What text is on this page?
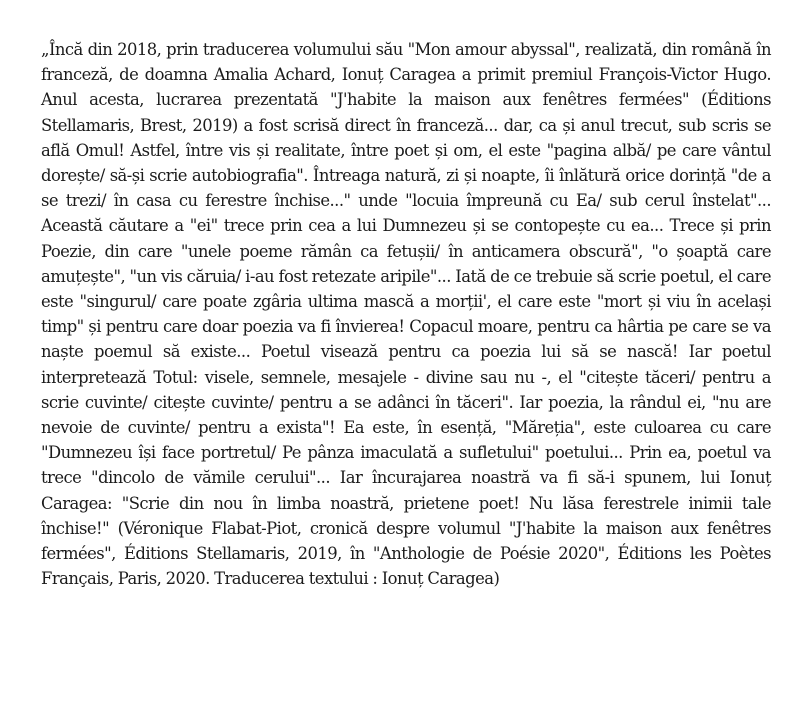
„Încă din 2018, prin traducerea volumului său "Mon amour abyssal", realizată, din română în franceză, de doamna Amalia Achard, Ionuț Caragea a primit premiul François-Victor Hugo. Anul acesta, lucrarea prezentată "J'habite la maison aux fenêtres fermées" (Éditions Stellamaris, Brest, 2019) a fost scrisă direct în franceză... dar, ca și anul trecut, sub scris se află Omul! Astfel, între vis și realitate, între poet și om, el este "pagina albă/ pe care vântul dorește/ să-și scrie autobiografia". Întreaga natură, zi și noapte, îi înlătură orice dorință "de a se trezi/ în casa cu ferestre închise..." unde "locuia împreună cu Ea/ sub cerul înstelat"... Această căutare a "ei" trece prin cea a lui Dumnezeu și se contopește cu ea... Trece și prin Poezie, din care "unele poeme rămân ca fetușii/ în anticamera obscură", "o șoaptă care amuțește", "un vis căruia/ i-au fost retezate aripile"... Iată de ce trebuie să scrie poetul, el care este "singurul/ care poate zgâria ultima mască a morții', el care este "mort și viu în același timp" și pentru care doar poezia va fi învierea! Copacul moare, pentru ca hârtia pe care se va naște poemul să existe... Poetul visează pentru ca poezia lui să se nască! Iar poetul interpretează Totul: visele, semnele, mesajele - divine sau nu -, el "citește tăceri/ pentru a scrie cuvinte/ citește cuvinte/ pentru a se adânci în tăceri". Iar poezia, la rândul ei, "nu are nevoie de cuvinte/ pentru a exista"! Ea este, în esență, "Măreția", este culoarea cu care "Dumnezeu își face portretul/ Pe pânza imaculată a sufletului" poetului... Prin ea, poetul va trece "dincolo de vămile cerului"... Iar încurajarea noastră va fi să-i spunem, lui Ionuț Caragea: "Scrie din nou în limba noastră, prietene poet! Nu lăsa ferestrele inimii tale închise!" (Véronique Flabat-Piot, cronică despre volumul "J'habite la maison aux fenêtres fermées", Éditions Stellamaris, 2019, în "Anthologie de Poésie 2020", Éditions les Poètes Français, Paris, 2020. Traducerea textului : Ionuț Caragea)
